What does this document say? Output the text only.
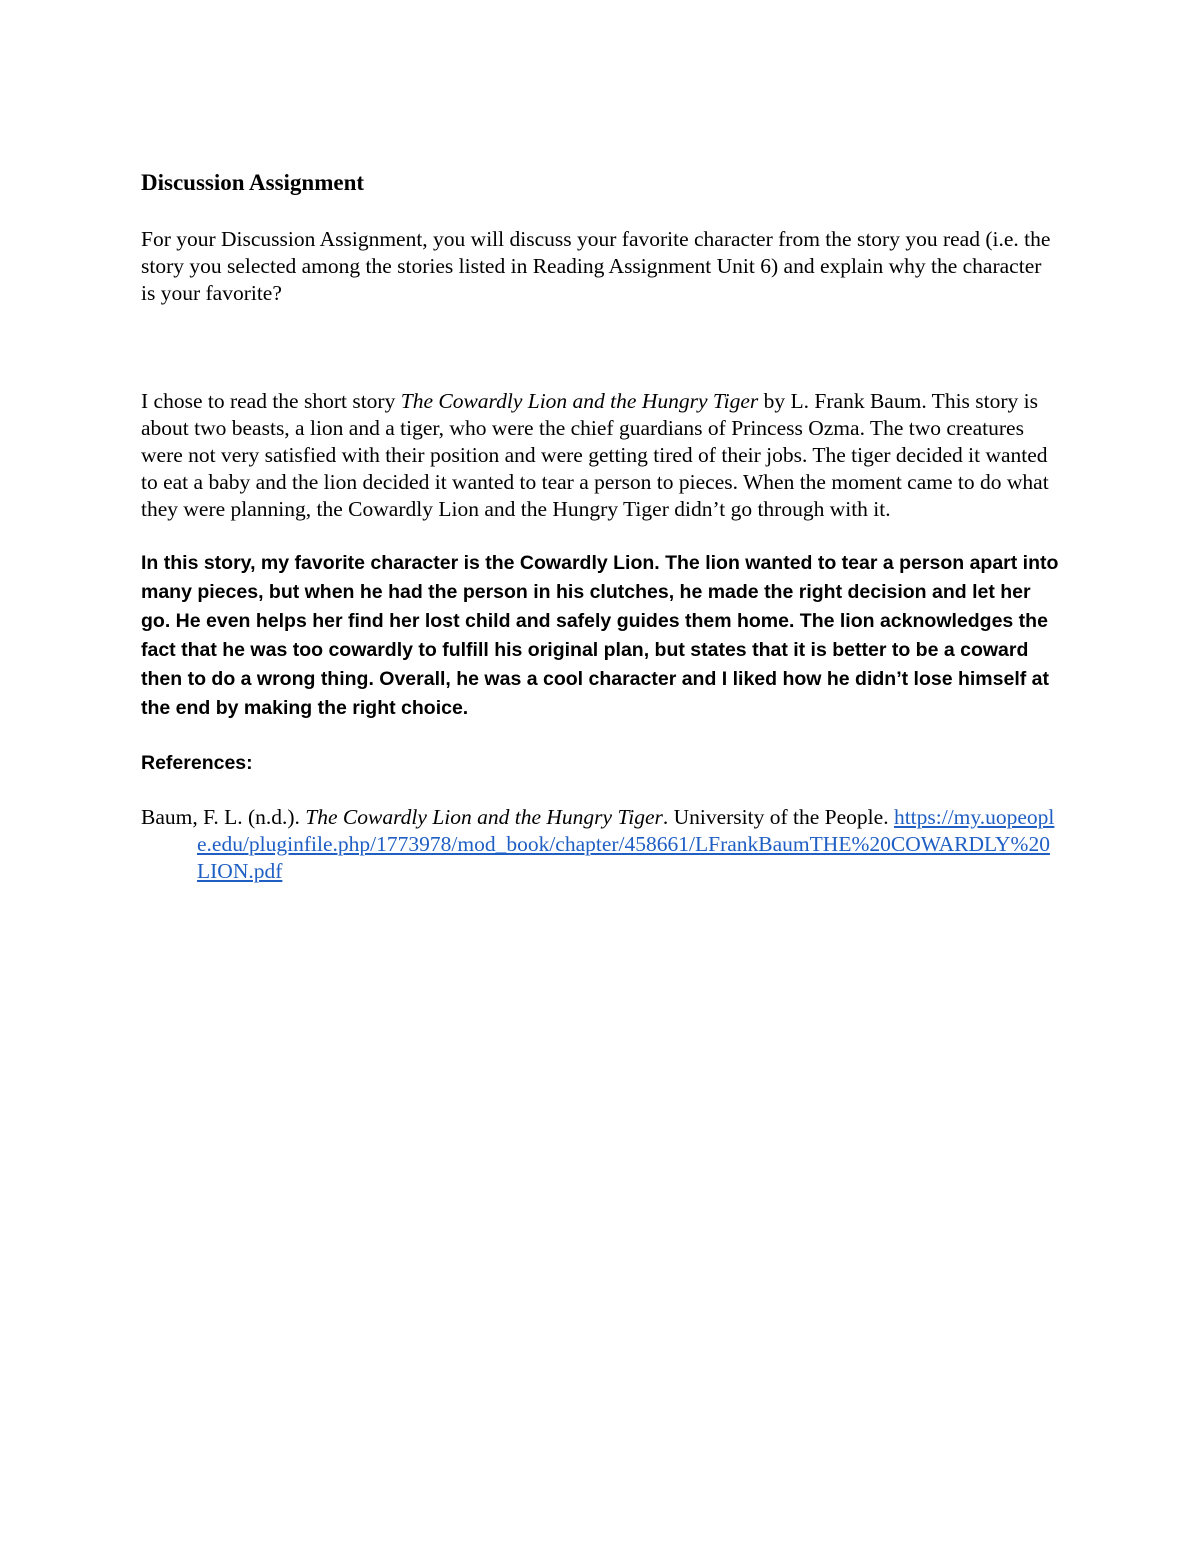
Discussion Assignment

For your Discussion Assignment, you will discuss your favorite character from the story you read (i.e. the story you selected among the stories listed in Reading Assignment Unit 6) and explain why the character is your favorite?

I chose to read the short story The Cowardly Lion and the Hungry Tiger by L. Frank Baum. This story is about two beasts, a lion and a tiger, who were the chief guardians of Princess Ozma. The two creatures were not very satisfied with their position and were getting tired of their jobs. The tiger decided it wanted to eat a baby and the lion decided it wanted to tear a person to pieces. When the moment came to do what they were planning, the Cowardly Lion and the Hungry Tiger didn’t go through with it.

In this story, my favorite character is the Cowardly Lion. The lion wanted to tear a person apart into many pieces, but when he had the person in his clutches, he made the right decision and let her go. He even helps her find her lost child and safely guides them home. The lion acknowledges the fact that he was too cowardly to fulfill his original plan, but states that it is better to be a coward then to do a wrong thing. Overall, he was a cool character and I liked how he didn’t lose himself at the end by making the right choice.

References:

Baum, F. L. (n.d.). The Cowardly Lion and the Hungry Tiger. University of the People. https://my.uopeople.edu/pluginfile.php/1773978/mod_book/chapter/458661/LFrankBaumTHE%20COWARDLY%20LION.pdf
